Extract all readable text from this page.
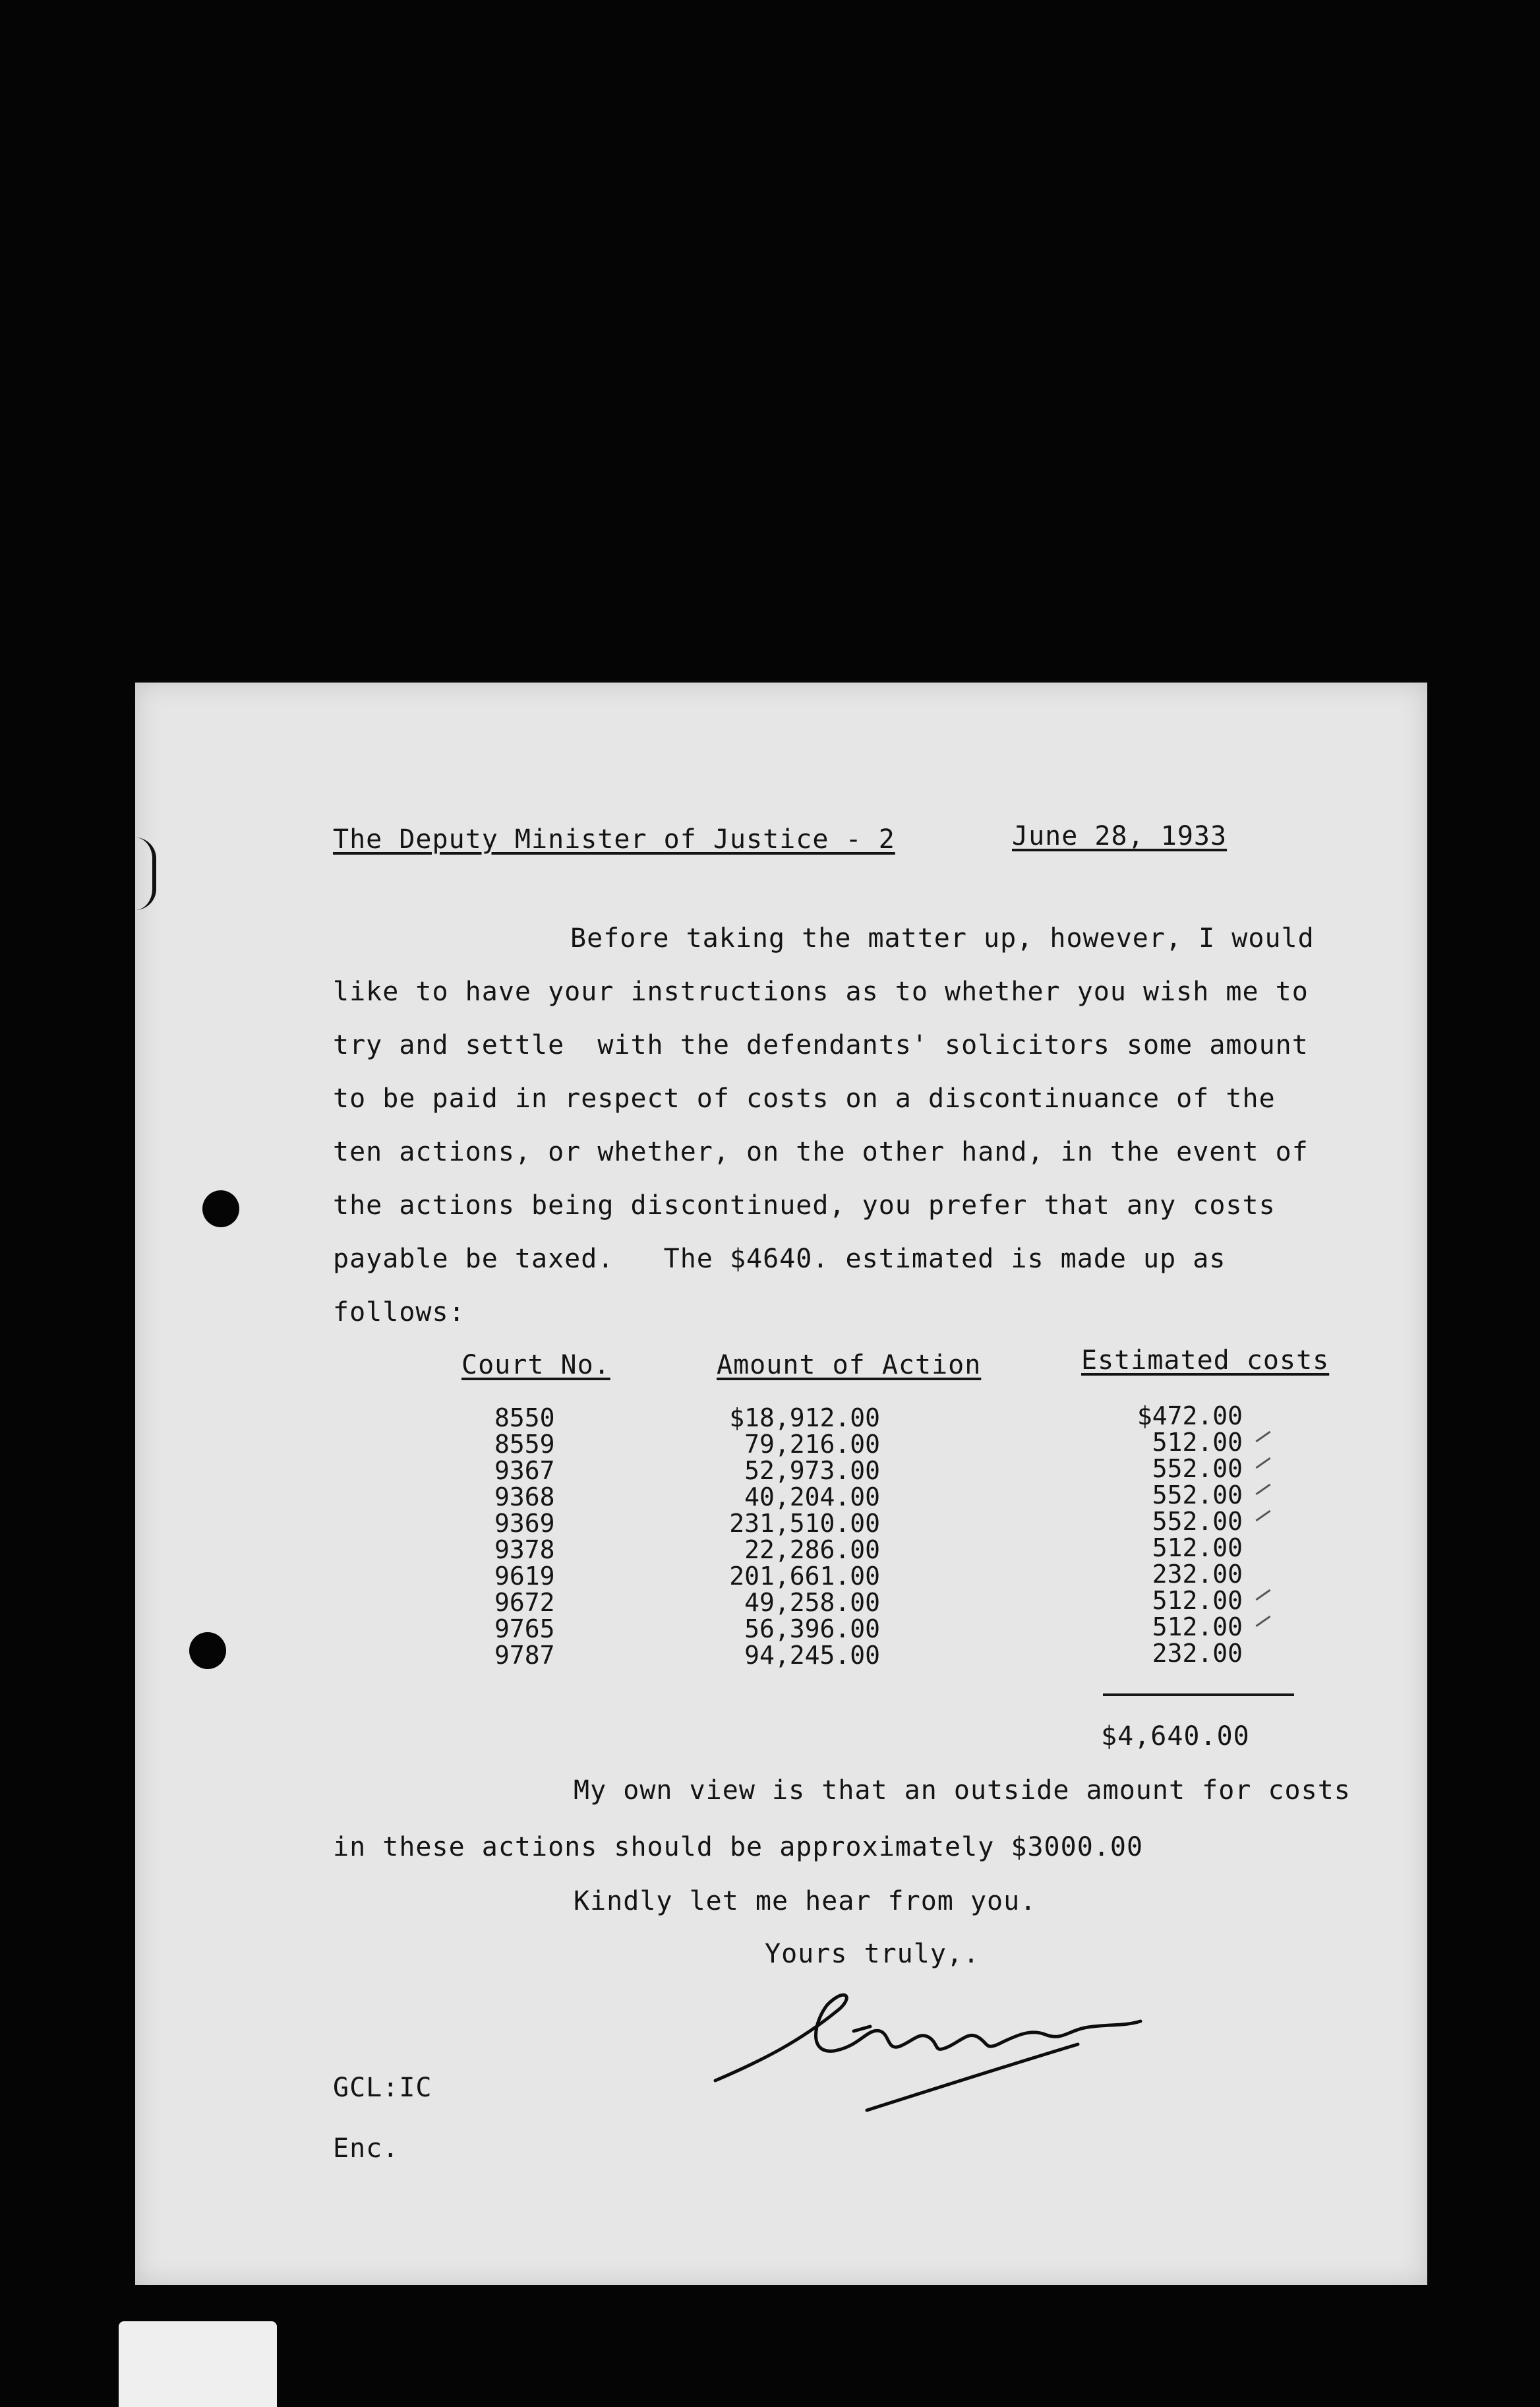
The Deputy Minister of Justice - 2	June 28, 1933
Before taking the matter up, however, I would
like to have your instructions as to whether you wish me to
try and settle  with the defendants' solicitors some amount
to be paid in respect of costs on a discontinuance of the
ten actions, or whether, on the other hand, in the event of
the actions being discontinued, you prefer that any costs
payable be taxed.   The $4640. estimated is made up as
follows:
Court No.	Amount of Action	Estimated costs
8550	$18,912.00	$472.00
8559	79,216.00	512.00
9367	52,973.00	552.00
9368	40,204.00	552.00
9369	231,510.00	552.00
9378	22,286.00	512.00
9619	201,661.00	232.00
9672	49,258.00	512.00
9765	56,396.00	512.00
9787	94,245.00	232.00
$4,640.00
My own view is that an outside amount for costs
in these actions should be approximately $3000.00
Kindly let me hear from you.
Yours truly,.
GCL:IC
Enc.
